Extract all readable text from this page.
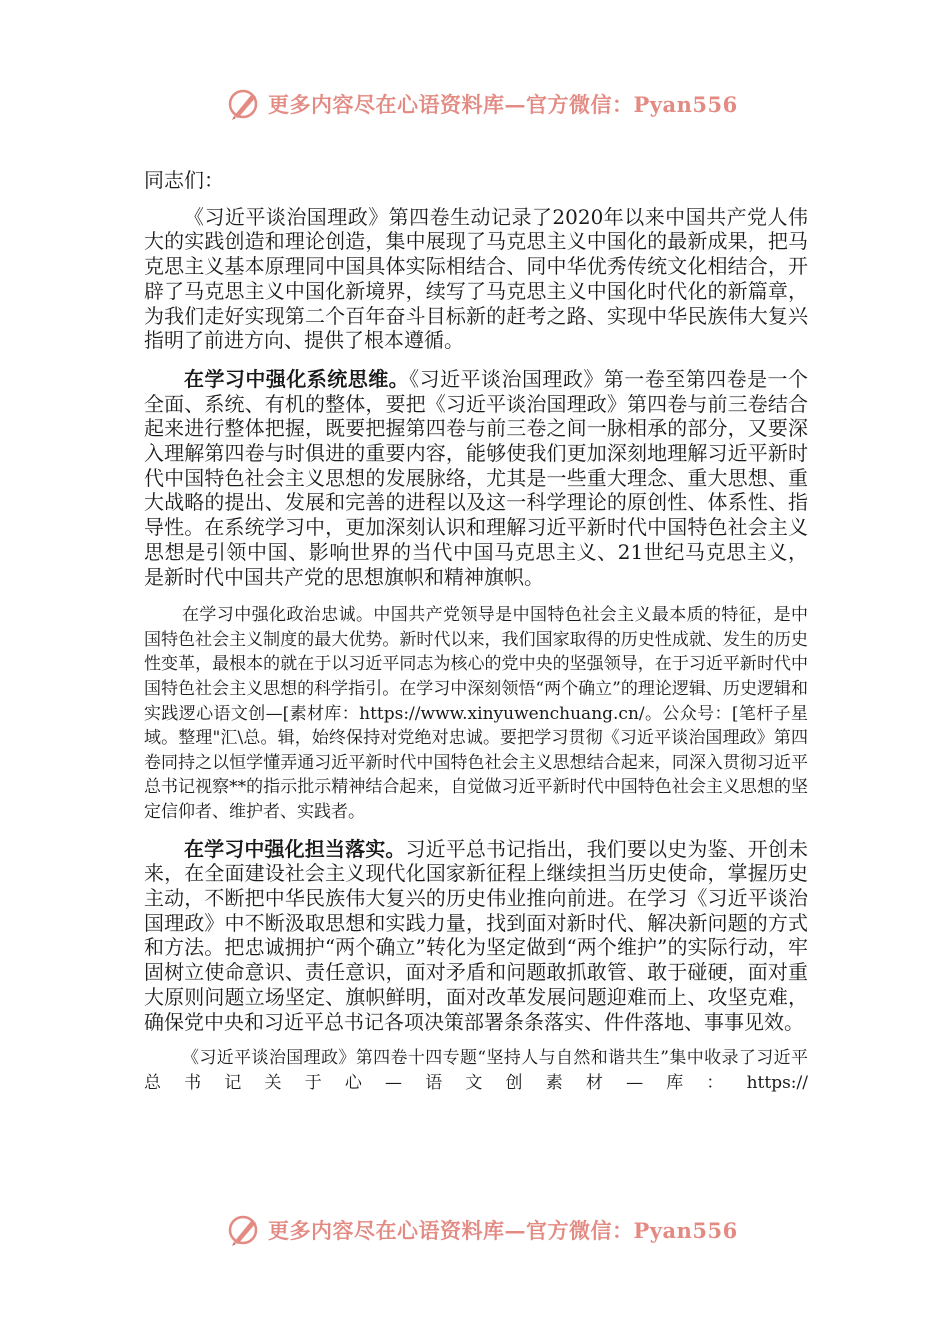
更多内容尽在心语资料库—官方微信：Pyan556

同志们：

《习近平谈治国理政》第四卷生动记录了2020年以来中国共产党人伟大的实践创造和理论创造，集中展现了马克思主义中国化的最新成果，把马克思主义基本原理同中国具体实际相结合、同中华优秀传统文化相结合，开辟了马克思主义中国化新境界，续写了马克思主义中国化时代化的新篇章，为我们走好实现第二个百年奋斗目标新的赶考之路、实现中华民族伟大复兴指明了前进方向、提供了根本遵循。

在学习中强化系统思维。《习近平谈治国理政》第一卷至第四卷是一个全面、系统、有机的整体，要把《习近平谈治国理政》第四卷与前三卷结合起来进行整体把握，既要把握第四卷与前三卷之间一脉相承的部分，又要深入理解第四卷与时俱进的重要内容，能够使我们更加深刻地理解习近平新时代中国特色社会主义思想的发展脉络，尤其是一些重大理念、重大思想、重大战略的提出、发展和完善的进程以及这一科学理论的原创性、体系性、指导性。在系统学习中，更加深刻认识和理解习近平新时代中国特色社会主义思想是引领中国、影响世界的当代中国马克思主义、21世纪马克思主义，是新时代中国共产党的思想旗帜和精神旗帜。

在学习中强化政治忠诚。中国共产党领导是中国特色社会主义最本质的特征，是中国特色社会主义制度的最大优势。新时代以来，我们国家取得的历史性成就、发生的历史性变革，最根本的就在于以习近平同志为核心的党中央的坚强领导，在于习近平新时代中国特色社会主义思想的科学指引。在学习中深刻领悟“两个确立”的理论逻辑、历史逻辑和实践逻心语文创—[素材库：https://www.xinyuwenchuang.cn/。公众号：[笔杆子星域。整理"汇\总。辑，始终保持对党绝对忠诚。要把学习贯彻《习近平谈治国理政》第四卷同持之以恒学懂弄通习近平新时代中国特色社会主义思想结合起来，同深入贯彻习近平总书记视察**的指示批示精神结合起来，自觉做习近平新时代中国特色社会主义思想的坚定信仰者、维护者、实践者。

在学习中强化担当落实。习近平总书记指出，我们要以史为鉴、开创未来，在全面建设社会主义现代化国家新征程上继续担当历史使命，掌握历史主动，不断把中华民族伟大复兴的历史伟业推向前进。在学习《习近平谈治国理政》中不断汲取思想和实践力量，找到面对新时代、解决新问题的方式和方法。把忠诚拥护“两个确立”转化为坚定做到“两个维护”的实际行动，牢固树立使命意识、责任意识，面对矛盾和问题敢抓敢管、敢于碰硬，面对重大原则问题立场坚定、旗帜鲜明，面对改革发展问题迎难而上、攻坚克难，确保党中央和习近平总书记各项决策部署条条落实、件件落地、事事见效。

《习近平谈治国理政》第四卷十四专题“坚持人与自然和谐共生”集中收录了习近平总书记关于心—语文创素材—库：https://

更多内容尽在心语资料库—官方微信：Pyan556
